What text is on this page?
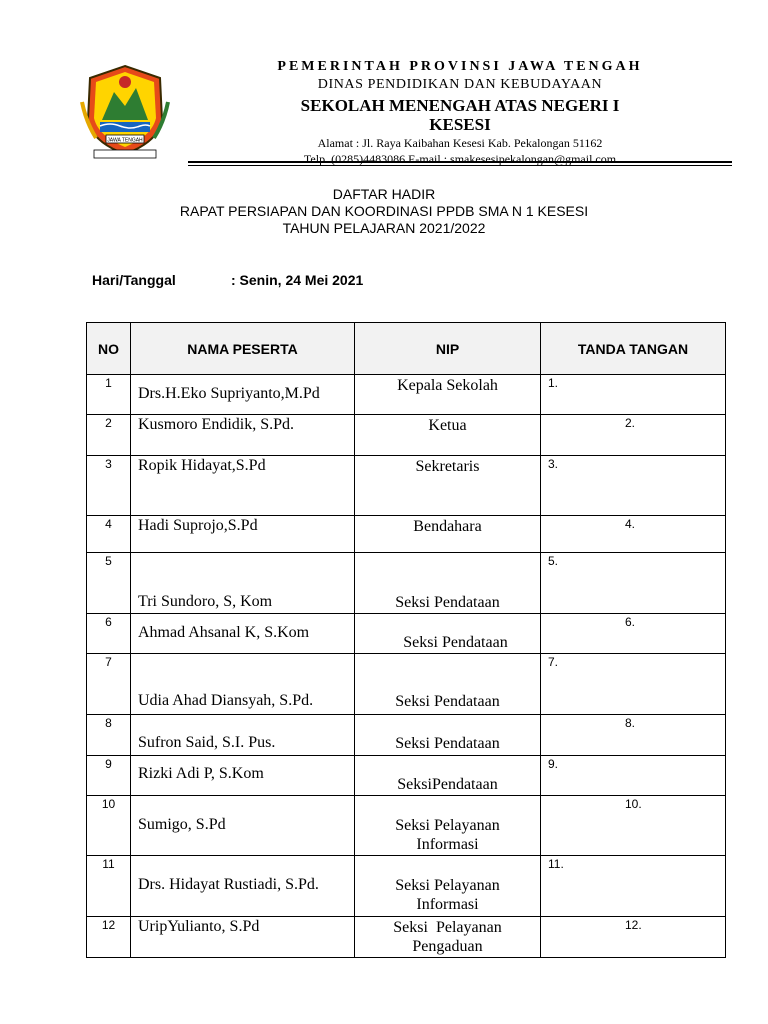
JAWA TENGAH
PEMERINTAH PROVINSI JAWA TENGAH
DINAS PENDIDIKAN DAN KEBUDAYAAN
SEKOLAH MENENGAH ATAS NEGERI I
KESESI
Alamat : Jl. Raya Kaibahan Kesesi Kab. Pekalongan 51162
Telp. (0285)4483086 E-mail : smakesesipekalongan@gmail.com
DAFTAR HADIR
RAPAT PERSIAPAN DAN KOORDINASI PPDB SMA N 1 KESESI
TAHUN PELAJARAN 2021/2022
Hari/Tanggal	: Senin, 24 Mei 2021
NO	NAMA PESERTA	NIP	TANDA TANGAN

1	Drs.H.Eko Supriyanto,M.Pd	Kepala Sekolah	1.

2	Kusmoro Endidik, S.Pd.	Ketua	2.

3	Ropik Hidayat,S.Pd	Sekretaris	3.

4	Hadi Suprojo,S.Pd	Bendahara	4.

5	Tri Sundoro, S, Kom	Seksi Pendataan	5.

6	Ahmad Ahsanal K, S.Kom	Seksi Pendataan	6.

7	Udia Ahad Diansyah, S.Pd.	Seksi Pendataan	7.

8	Sufron Said, S.I. Pus.	Seksi Pendataan	8.

9	Rizki Adi P, S.Kom	SeksiPendataan	9.

10	Sumigo, S.Pd	Seksi Pelayanan
Informasi	10.

11	Drs. Hidayat Rustiadi, S.Pd.	Seksi Pelayanan
Informasi	11.

12	UripYulianto, S.Pd	Seksi  Pelayanan
Pengaduan	12.
